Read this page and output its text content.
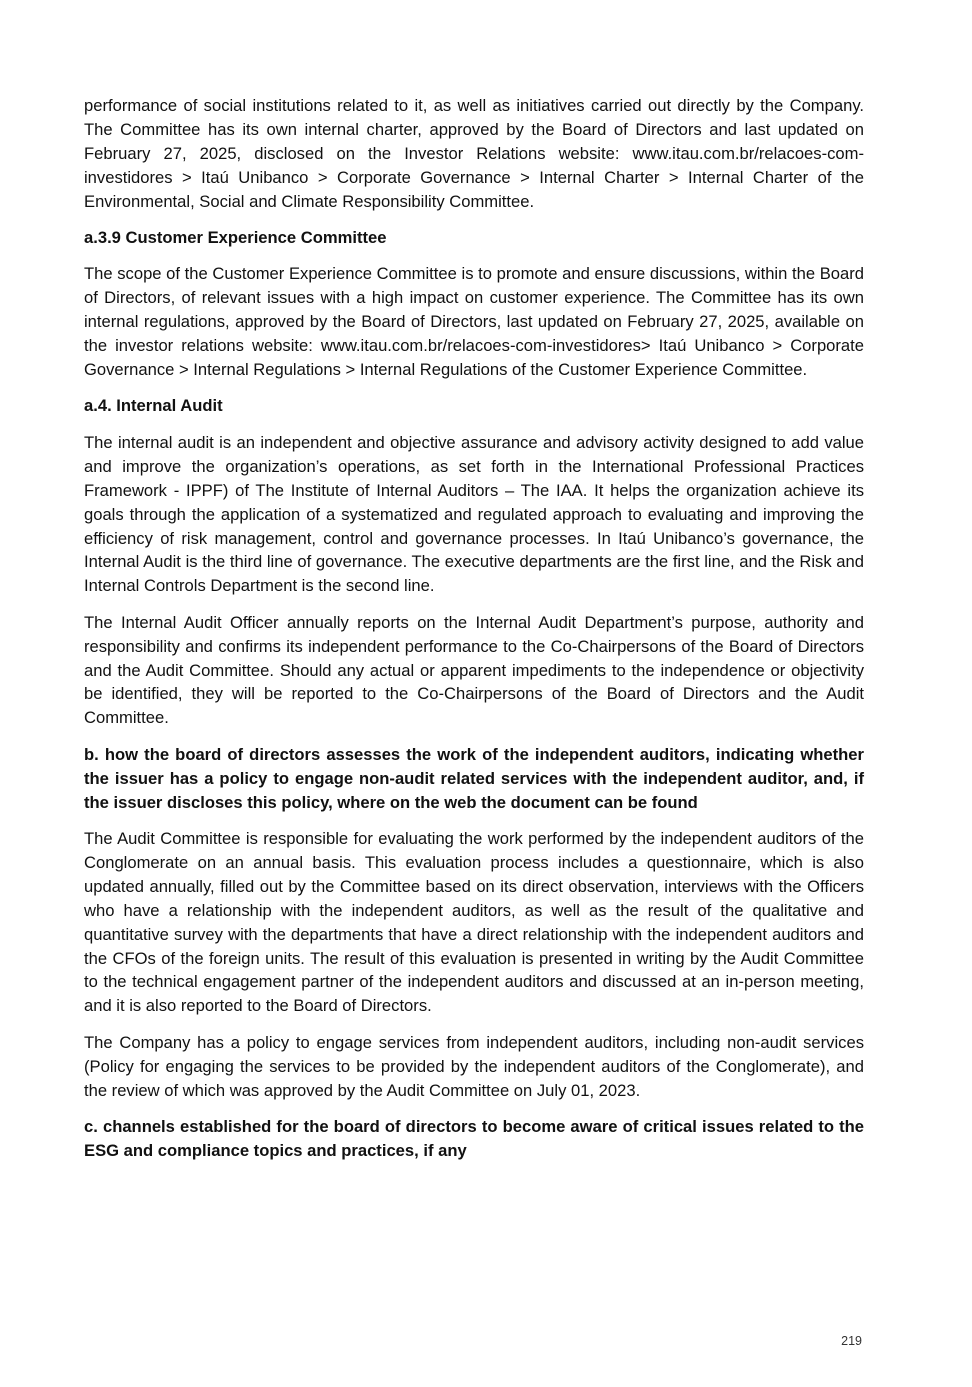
performance of social institutions related to it, as well as initiatives carried out directly by the Company. The Committee has its own internal charter, approved by the Board of Directors and last updated on February 27, 2025, disclosed on the Investor Relations website: www.itau.com.br/relacoes-com-investidores > Itaú Unibanco > Corporate Governance > Internal Charter > Internal Charter of the Environmental, Social and Climate Responsibility Committee.

a.3.9 Customer Experience Committee

The scope of the Customer Experience Committee is to promote and ensure discussions, within the Board of Directors, of relevant issues with a high impact on customer experience. The Committee has its own internal regulations, approved by the Board of Directors, last updated on February 27, 2025, available on the investor relations website: www.itau.com.br/relacoes-com-investidores> Itaú Unibanco > Corporate Governance > Internal Regulations > Internal Regulations of the Customer Experience Committee.

a.4. Internal Audit

The internal audit is an independent and objective assurance and advisory activity designed to add value and improve the organization’s operations, as set forth in the International Professional Practices Framework - IPPF) of The Institute of Internal Auditors – The IAA. It helps the organization achieve its goals through the application of a systematized and regulated approach to evaluating and improving the efficiency of risk management, control and governance processes. In Itaú Unibanco’s governance, the Internal Audit is the third line of governance. The executive departments are the first line, and the Risk and Internal Controls Department is the second line.

The Internal Audit Officer annually reports on the Internal Audit Department’s purpose, authority and responsibility and confirms its independent performance to the Co-Chairpersons of the Board of Directors and the Audit Committee. Should any actual or apparent impediments to the independence or objectivity be identified, they will be reported to the Co-Chairpersons of the Board of Directors and the Audit Committee.

b. how the board of directors assesses the work of the independent auditors, indicating whether the issuer has a policy to engage non-audit related services with the independent auditor, and, if the issuer discloses this policy, where on the web the document can be found

The Audit Committee is responsible for evaluating the work performed by the independent auditors of the Conglomerate on an annual basis. This evaluation process includes a questionnaire, which is also updated annually, filled out by the Committee based on its direct observation, interviews with the Officers who have a relationship with the independent auditors, as well as the result of the qualitative and quantitative survey with the departments that have a direct relationship with the independent auditors and the CFOs of the foreign units. The result of this evaluation is presented in writing by the Audit Committee to the technical engagement partner of the independent auditors and discussed at an in-person meeting, and it is also reported to the Board of Directors.

The Company has a policy to engage services from independent auditors, including non-audit services (Policy for engaging the services to be provided by the independent auditors of the Conglomerate), and the review of which was approved by the Audit Committee on July 01, 2023.

c. channels established for the board of directors to become aware of critical issues related to the ESG and compliance topics and practices, if any

219
